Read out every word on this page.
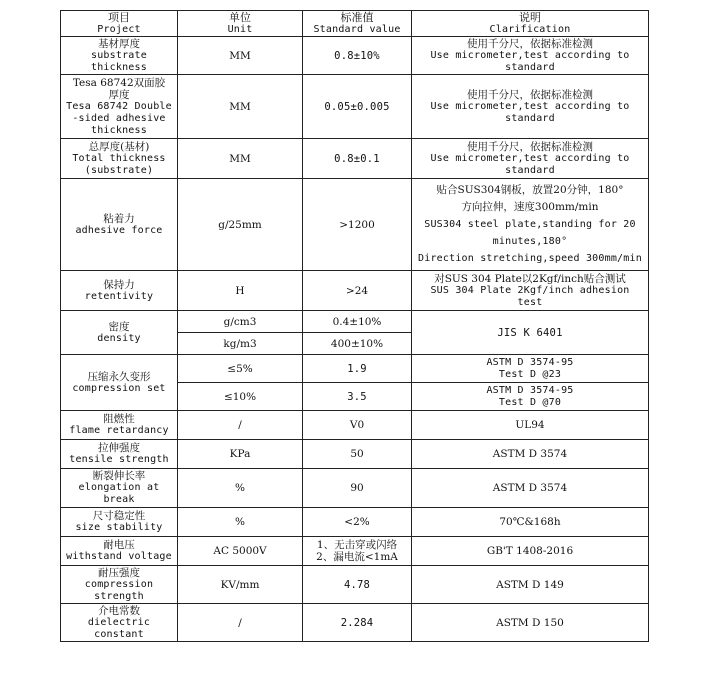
项目
Project	单位
Unit	标准值
Standard value	说明
Clarification

基材厚度
substrate
thickness	MM	0.8±10%	使用千分尺，依据标准检测
Use micrometer,test according to
standard

Tesa 68742双面胶
厚度
Tesa 68742 Double
-sided adhesive
thickness	MM	0.05±0.005	使用千分尺，依据标准检测
Use micrometer,test according to
standard

总厚度(基材)
Total thickness
(substrate)	MM	0.8±0.1	使用千分尺，依据标准检测
Use micrometer,test according to
standard

粘着力
adhesive force	g/25mm	>1200	贴合SUS304钢板，放置20分钟，180°
方向拉伸，速度300mm/min
SUS304 steel plate,standing for 20
minutes,180°
Direction stretching,speed 300mm/min

保持力
retentivity	H	>24	对SUS 304 Plate以2Kgf/inch贴合测试
SUS 304 Plate 2Kgf/inch adhesion
test

密度
density	g/cm3	0.4±10%	JIS K 6401
	kg/m3	400±10%	

压缩永久变形
compression set	≤5%	1.9	ASTM D 3574-95
Test D @23

	≤10%	3.5	ASTM D 3574-95
Test D @70

阻燃性
flame retardancy	/	V0	UL94

拉伸强度
tensile strength	KPa	50	ASTM D 3574

断裂伸长率
elongation at
break	%	90	ASTM D 3574

尺寸稳定性
size stability	%	<2%	70℃&168h

耐电压
withstand voltage	AC 5000V	1、无击穿或闪络
2、漏电流<1mA	GB'T 1408-2016

耐压强度
compression
strength	KV/mm	4.78	ASTM D 149

介电常数
dielectric
constant	/	2.284	ASTM D 150
